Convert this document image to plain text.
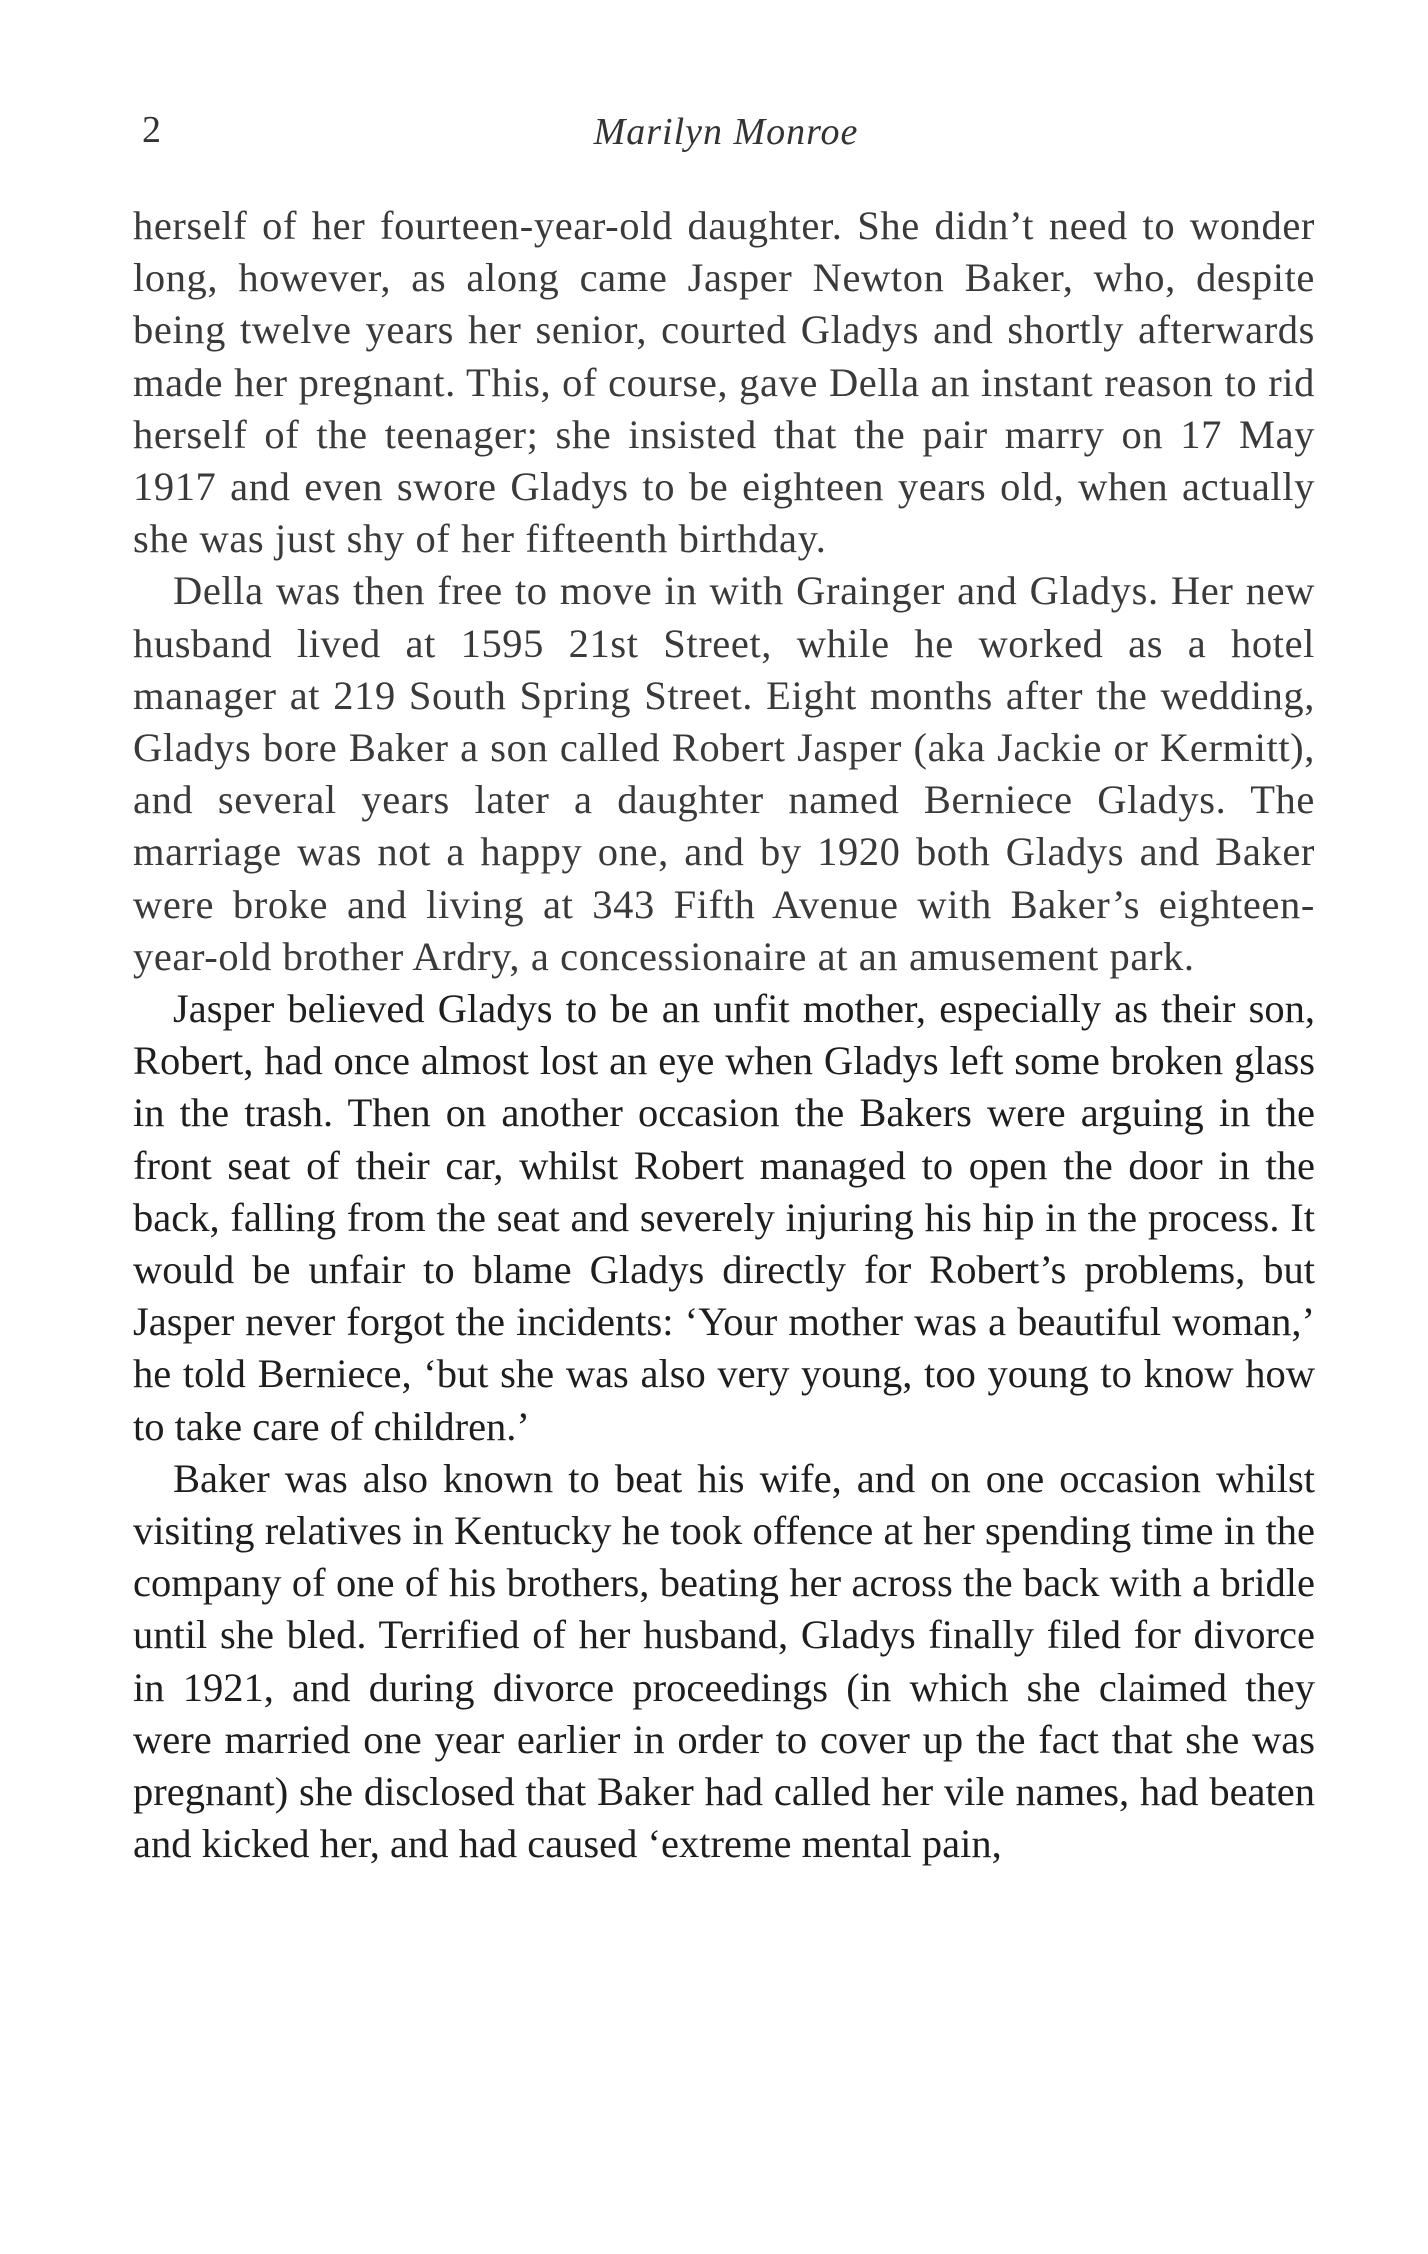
2	Marilyn Monroe

herself of her fourteen-year-old daughter. She didn’t need to wonder long, however, as along came Jasper Newton Baker, who, despite being twelve years her senior, courted Gladys and shortly afterwards made her pregnant. This, of course, gave Della an instant reason to rid herself of the teenager; she insisted that the pair marry on 17 May 1917 and even swore Gladys to be eighteen years old, when actually she was just shy of her fifteenth birthday.

Della was then free to move in with Grainger and Gladys. Her new husband lived at 1595 21st Street, while he worked as a hotel manager at 219 South Spring Street. Eight months after the wedding, Gladys bore Baker a son called Robert Jasper (aka Jackie or Kermitt), and several years later a daughter named Berniece Gladys. The marriage was not a happy one, and by 1920 both Gladys and Baker were broke and living at 343 Fifth Avenue with Baker’s eighteen-year-old brother Ardry, a concessionaire at an amusement park.

Jasper believed Gladys to be an unfit mother, especially as their son, Robert, had once almost lost an eye when Gladys left some broken glass in the trash. Then on another occasion the Bakers were arguing in the front seat of their car, whilst Robert managed to open the door in the back, falling from the seat and severely injuring his hip in the process. It would be unfair to blame Gladys directly for Robert’s problems, but Jasper never forgot the incidents: ‘Your mother was a beautiful woman,’ he told Berniece, ‘but she was also very young, too young to know how to take care of children.’

Baker was also known to beat his wife, and on one occasion whilst visiting relatives in Kentucky he took offence at her spending time in the company of one of his brothers, beating her across the back with a bridle until she bled. Terrified of her husband, Gladys finally filed for divorce in 1921, and during divorce proceedings (in which she claimed they were married one year earlier in order to cover up the fact that she was pregnant) she disclosed that Baker had called her vile names, had beaten and kicked her, and had caused ‘extreme mental pain,
